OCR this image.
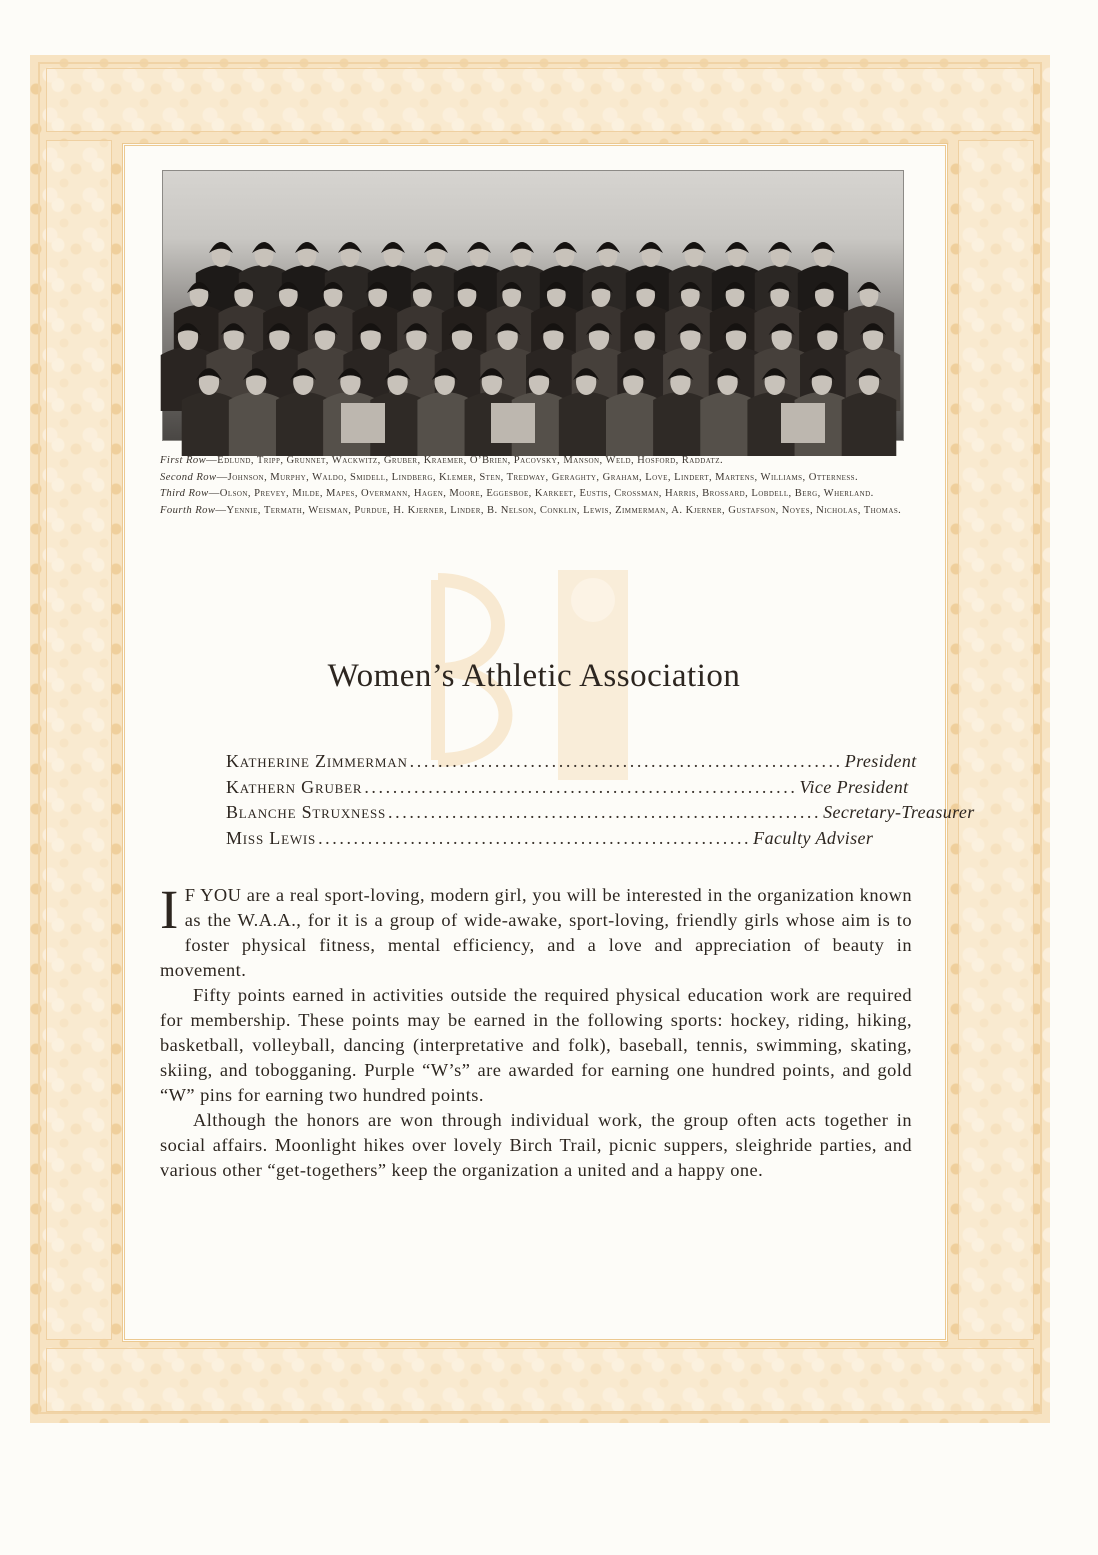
First Row—Edlund, Tripp, Grunnet, Wackwitz, Gruber, Kraemer, O’Brien, Pacovsky, Manson, Weld, Hosford, Raddatz.

Second Row—Johnson, Murphy, Waldo, Smidell, Lindberg, Klemer, Sten, Tredway, Geraghty, Graham, Love, Lindert, Martens, Williams, Otterness.

Third Row—Olson, Prevey, Milde, Mapes, Overmann, Hagen, Moore, Eggesboe, Karkeet, Eustis, Crossman, Harris, Brossard, Lobdell, Berg, Wherland.

Fourth Row—Yennie, Termath, Weisman, Purdue, H. Kjerner, Linder, B. Nelson, Conklin, Lewis, Zimmerman, A. Kjerner, Gustafson, Noyes, Nicholas, Thomas.

Women’s Athletic Association
Katherine Zimmerman ............................................................. President
Kathern Gruber ............................................................. Vice President
Blanche Struxness ............................................................. Secretary-Treasurer
Miss Lewis ............................................................. Faculty Adviser

I F YOU are a real sport-loving, modern girl, you will be interested in the organization known as the W.A.A., for it is a group of wide-awake, sport-loving, friendly girls whose aim is to foster physical fitness, mental efficiency, and a love and appreciation of beauty in movement.

Fifty points earned in activities outside the required physical education work are required for membership. These points may be earned in the following sports: hockey, riding, hiking, basketball, volleyball, dancing (interpretative and folk), baseball, tennis, swimming, skating, skiing, and tobogganing. Purple “W’s” are awarded for earning one hundred points, and gold “W” pins for earning two hundred points.

Although the honors are won through individual work, the group often acts together in social affairs. Moonlight hikes over lovely Birch Trail, picnic suppers, sleighride parties, and various other “get-togethers” keep the organization a united and a happy one.
